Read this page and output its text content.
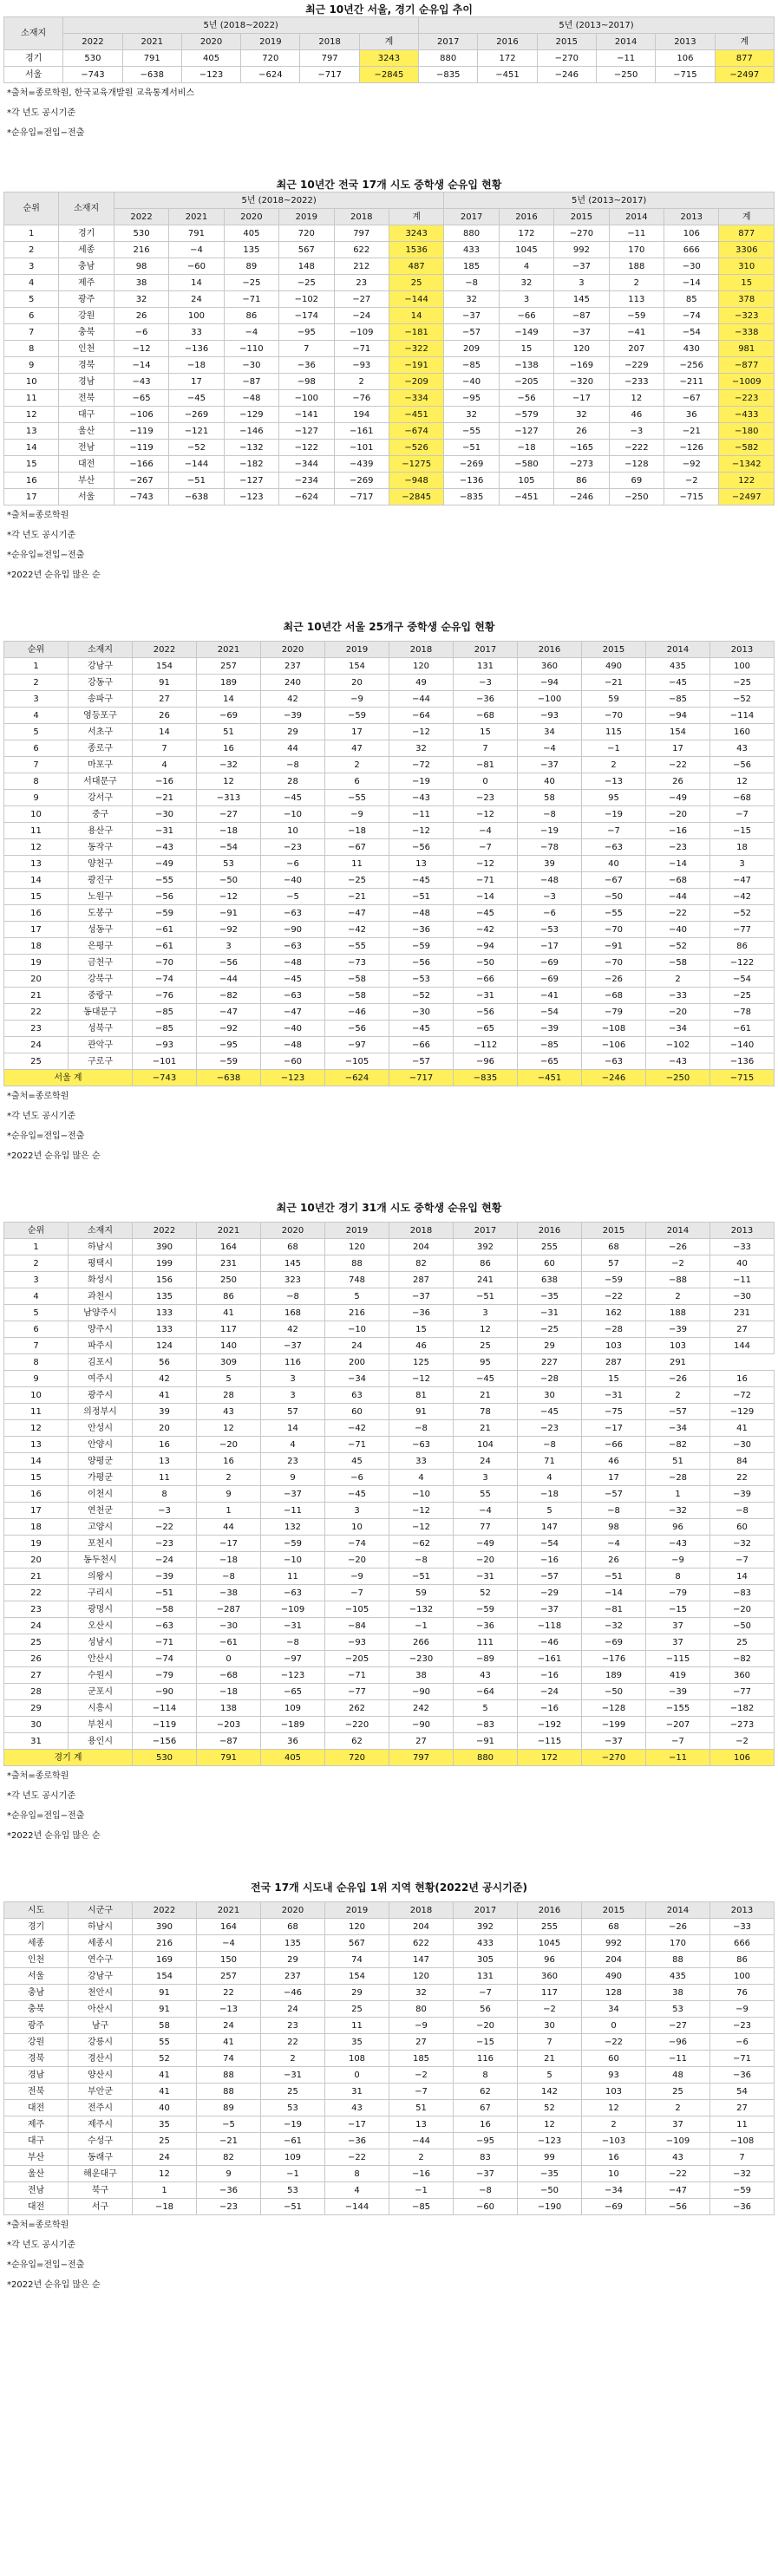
최근 10년간 서울, 경기 순유입 추이
소재지	5년 (2018~2022)						5년 (2013~2017)					
	2022	2021	2020	2019	2018	계	2017	2016	2015	2014	2013	계
경기	530	791	405	720	797	3243	880	172	−270	−11	106	877
서울	−743	−638	−123	−624	−717	−2845	−835	−451	−246	−250	−715	−2497
*출처=종로학원, 한국교육개발원 교육통계서비스
*각 년도 공시기준
*순유입=전입−전출
최근 10년간 전국 17개 시도 중학생 순유입 현황
순위	소재지	5년 (2018~2022)						5년 (2013~2017)					
		2022	2021	2020	2019	2018	계	2017	2016	2015	2014	2013	계
1	경기	530	791	405	720	797	3243	880	172	−270	−11	106	877
2	세종	216	−4	135	567	622	1536	433	1045	992	170	666	3306
3	충남	98	−60	89	148	212	487	185	4	−37	188	−30	310
4	제주	38	14	−25	−25	23	25	−8	32	3	2	−14	15
5	광주	32	24	−71	−102	−27	−144	32	3	145	113	85	378
6	강원	26	100	86	−174	−24	14	−37	−66	−87	−59	−74	−323
7	충북	−6	33	−4	−95	−109	−181	−57	−149	−37	−41	−54	−338
8	인천	−12	−136	−110	7	−71	−322	209	15	120	207	430	981
9	경북	−14	−18	−30	−36	−93	−191	−85	−138	−169	−229	−256	−877
10	경남	−43	17	−87	−98	2	−209	−40	−205	−320	−233	−211	−1009
11	전북	−65	−45	−48	−100	−76	−334	−95	−56	−17	12	−67	−223
12	대구	−106	−269	−129	−141	194	−451	32	−579	32	46	36	−433
13	울산	−119	−121	−146	−127	−161	−674	−55	−127	26	−3	−21	−180
14	전남	−119	−52	−132	−122	−101	−526	−51	−18	−165	−222	−126	−582
15	대전	−166	−144	−182	−344	−439	−1275	−269	−580	−273	−128	−92	−1342
16	부산	−267	−51	−127	−234	−269	−948	−136	105	86	69	−2	122
17	서울	−743	−638	−123	−624	−717	−2845	−835	−451	−246	−250	−715	−2497
*출처=종로학원
*각 년도 공시기준
*순유입=전입−전출
*2022년 순유입 많은 순
최근 10년간 서울 25개구 중학생 순유입 현황
순위	소재지	2022	2021	2020	2019	2018	2017	2016	2015	2014	2013
1	강남구	154	257	237	154	120	131	360	490	435	100
2	강동구	91	189	240	20	49	−3	−94	−21	−45	−25
3	송파구	27	14	42	−9	−44	−36	−100	59	−85	−52
4	영등포구	26	−69	−39	−59	−64	−68	−93	−70	−94	−114
5	서초구	14	51	29	17	−12	15	34	115	154	160
6	종로구	7	16	44	47	32	7	−4	−1	17	43
7	마포구	4	−32	−8	2	−72	−81	−37	2	−22	−56
8	서대문구	−16	12	28	6	−19	0	40	−13	26	12
9	강서구	−21	−313	−45	−55	−43	−23	58	95	−49	−68
10	중구	−30	−27	−10	−9	−11	−12	−8	−19	−20	−7
11	용산구	−31	−18	10	−18	−12	−4	−19	−7	−16	−15
12	동작구	−43	−54	−23	−67	−56	−7	−78	−63	−23	18
13	양천구	−49	53	−6	11	13	−12	39	40	−14	3
14	광진구	−55	−50	−40	−25	−45	−71	−48	−67	−68	−47
15	노원구	−56	−12	−5	−21	−51	−14	−3	−50	−44	−42
16	도봉구	−59	−91	−63	−47	−48	−45	−6	−55	−22	−52
17	성동구	−61	−92	−90	−42	−36	−42	−53	−70	−40	−77
18	은평구	−61	3	−63	−55	−59	−94	−17	−91	−52	86
19	금천구	−70	−56	−48	−73	−56	−50	−69	−70	−58	−122
20	강북구	−74	−44	−45	−58	−53	−66	−69	−26	2	−54
21	중랑구	−76	−82	−63	−58	−52	−31	−41	−68	−33	−25
22	동대문구	−85	−47	−47	−46	−30	−56	−54	−79	−20	−78
23	성북구	−85	−92	−40	−56	−45	−65	−39	−108	−34	−61
24	관악구	−93	−95	−48	−97	−66	−112	−85	−106	−102	−140
25	구로구	−101	−59	−60	−105	−57	−96	−65	−63	−43	−136
서울 계		−743	−638	−123	−624	−717	−835	−451	−246	−250	−715
*출처=종로학원
*각 년도 공시기준
*순유입=전입−전출
*2022년 순유입 많은 순
최근 10년간 경기 31개 시도 중학생 순유입 현황
순위	소재지	2022	2021	2020	2019	2018	2017	2016	2015	2014	2013
1	하남시	390	164	68	120	204	392	255	68	−26	−33
2	평택시	199	231	145	88	82	86	60	57	−2	40
3	화성시	156	250	323	748	287	241	638	−59	−88	−11
4	과천시	135	86	−8	5	−37	−51	−35	−22	2	−30
5	남양주시	133	41	168	216	−36	3	−31	162	188	231
6	양주시	133	117	42	−10	15	12	−25	−28	−39	27
7	파주시	124	140	−37	24	46	25	29	103	103	144
8	김포시	56	309	116	200	125	95	227	287	291	
9	여주시	42	5	3	−34	−12	−45	−28	15	−26	16
10	광주시	41	28	3	63	81	21	30	−31	2	−72
11	의정부시	39	43	57	60	91	78	−45	−75	−57	−129
12	안성시	20	12	14	−42	−8	21	−23	−17	−34	41
13	안양시	16	−20	4	−71	−63	104	−8	−66	−82	−30
14	양평군	13	16	23	45	33	24	71	46	51	84
15	가평군	11	2	9	−6	4	3	4	17	−28	22
16	이천시	8	9	−37	−45	−10	55	−18	−57	1	−39
17	연천군	−3	1	−11	3	−12	−4	5	−8	−32	−8
18	고양시	−22	44	132	10	−12	77	147	98	96	60
19	포천시	−23	−17	−59	−74	−62	−49	−54	−4	−43	−32
20	동두천시	−24	−18	−10	−20	−8	−20	−16	26	−9	−7
21	의왕시	−39	−8	11	−9	−51	−31	−57	−51	8	14
22	구리시	−51	−38	−63	−7	59	52	−29	−14	−79	−83
23	광명시	−58	−287	−109	−105	−132	−59	−37	−81	−15	−20
24	오산시	−63	−30	−31	−84	−1	−36	−118	−32	37	−50
25	성남시	−71	−61	−8	−93	266	111	−46	−69	37	25
26	안산시	−74	0	−97	−205	−230	−89	−161	−176	−115	−82
27	수원시	−79	−68	−123	−71	38	43	−16	189	419	360
28	군포시	−90	−18	−65	−77	−90	−64	−24	−50	−39	−77
29	시흥시	−114	138	109	262	242	5	−16	−128	−155	−182
30	부천시	−119	−203	−189	−220	−90	−83	−192	−199	−207	−273
31	용인시	−156	−87	36	62	27	−91	−115	−37	−7	−2
경기 계		530	791	405	720	797	880	172	−270	−11	106
*출처=종로학원
*각 년도 공시기준
*순유입=전입−전출
*2022년 순유입 많은 순
전국 17개 시도내 순유입 1위 지역 현황(2022년 공시기준)
시도	시군구	2022	2021	2020	2019	2018	2017	2016	2015	2014	2013
경기	하남시	390	164	68	120	204	392	255	68	−26	−33
세종	세종시	216	−4	135	567	622	433	1045	992	170	666
인천	연수구	169	150	29	74	147	305	96	204	88	86
서울	강남구	154	257	237	154	120	131	360	490	435	100
충남	천안시	91	22	−46	29	32	−7	117	128	38	76
충북	아산시	91	−13	24	25	80	56	−2	34	53	−9
광주	남구	58	24	23	11	−9	−20	30	0	−27	−23
강원	강릉시	55	41	22	35	27	−15	7	−22	−96	−6
경북	경산시	52	74	2	108	185	116	21	60	−11	−71
경남	양산시	41	88	−31	0	−2	8	5	93	48	−36
전북	부안군	41	88	25	31	−7	62	142	103	25	54
대전	전주시	40	89	53	43	51	67	52	12	2	27
제주	제주시	35	−5	−19	−17	13	16	12	2	37	11
대구	수성구	25	−21	−61	−36	−44	−95	−123	−103	−109	−108
부산	동래구	24	82	109	−22	2	83	99	16	43	7
울산	해운대구	12	9	−1	8	−16	−37	−35	10	−22	−32
전남	북구	1	−36	53	4	−1	−8	−50	−34	−47	−59
대전	서구	−18	−23	−51	−144	−85	−60	−190	−69	−56	−36
*출처=종로학원
*각 년도 공시기준
*순유입=전입−전출
*2022년 순유입 많은 순
